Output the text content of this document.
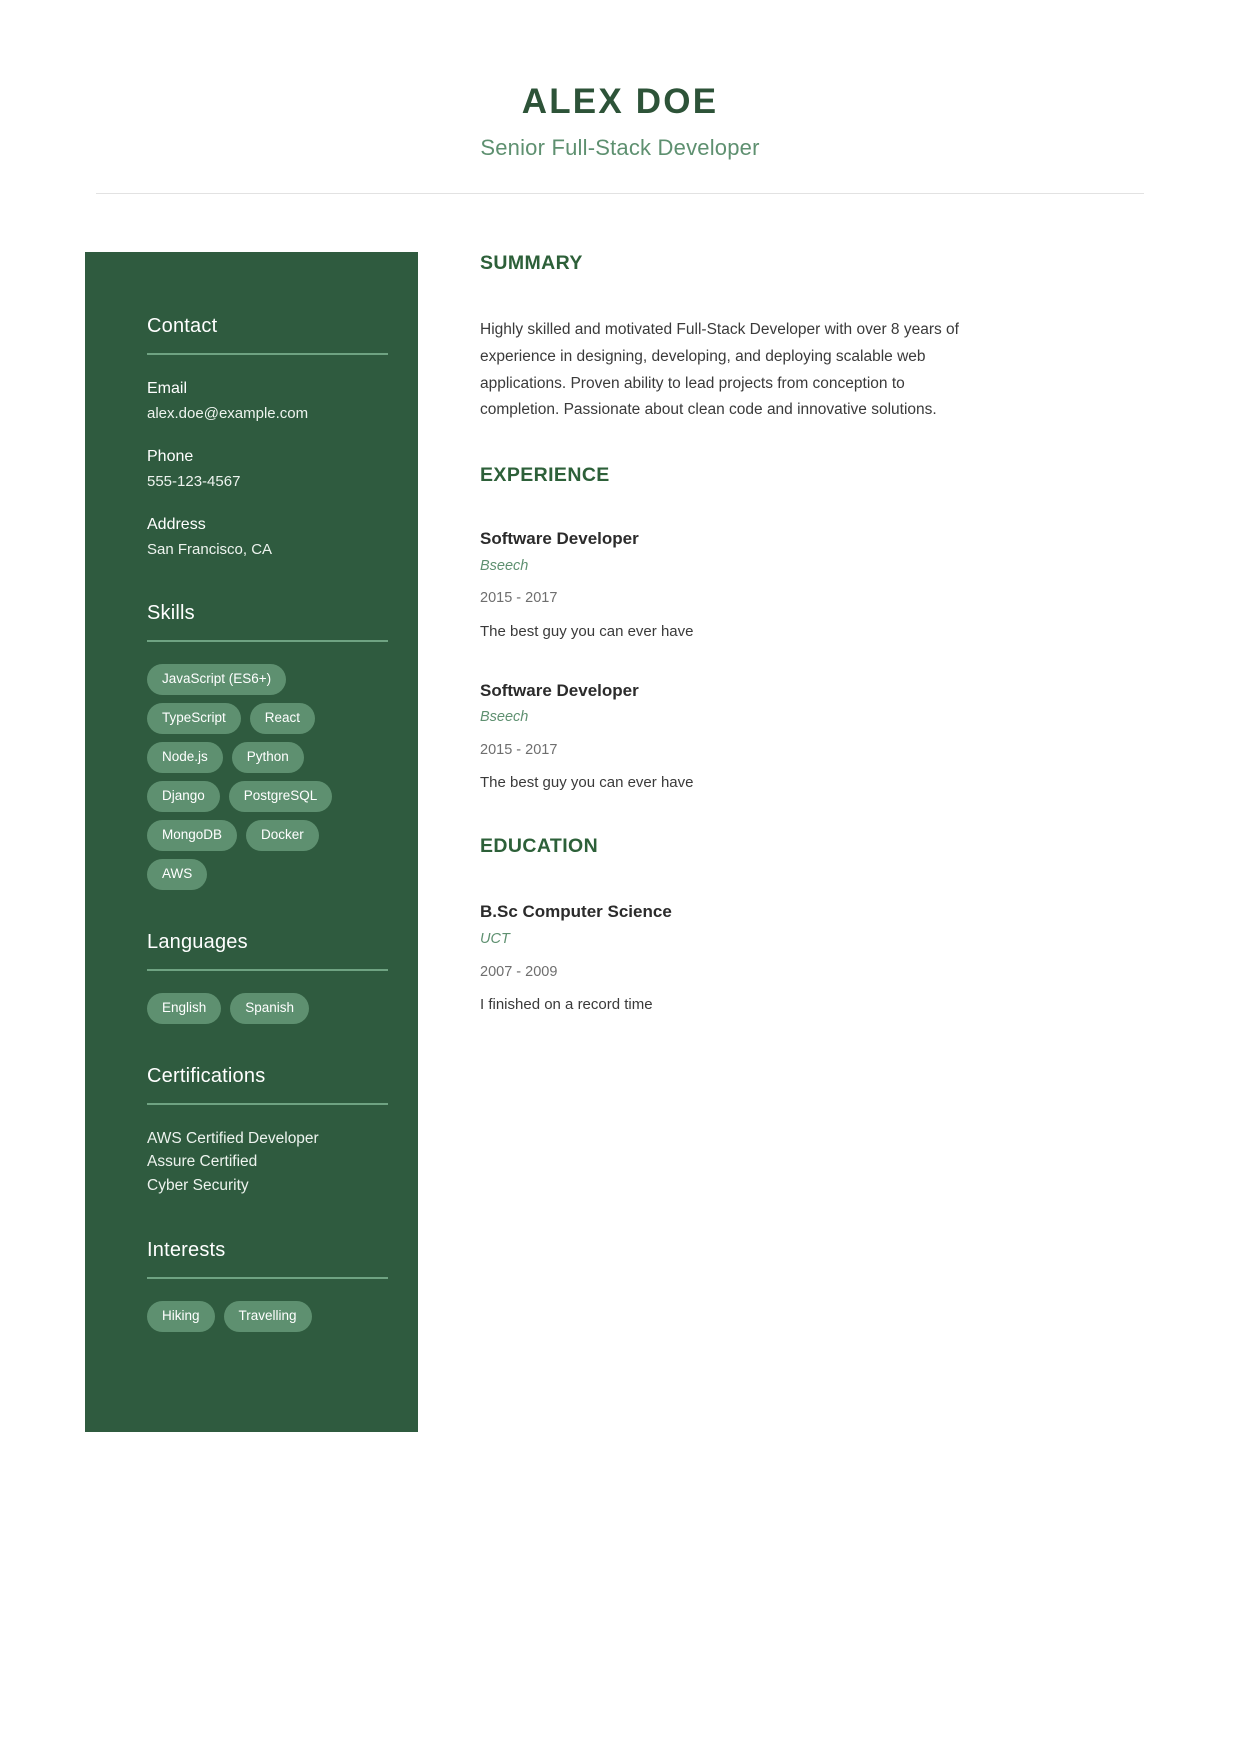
ALEX DOE
Senior Full-Stack Developer
Contact
Email
alex.doe@example.com
Phone
555-123-4567
Address
San Francisco, CA
Skills
JavaScript (ES6+)
TypeScript	React
Node.js	Python
Django	PostgreSQL
MongoDB	Docker
AWS
Languages
English	Spanish
Certifications
AWS Certified Developer
Assure Certified
Cyber Security
Interests
Hiking	Travelling
SUMMARY

Highly skilled and motivated Full-Stack Developer with over 8 years of experience in designing, developing, and deploying scalable web applications. Proven ability to lead projects from conception to completion. Passionate about clean code and innovative solutions.

EXPERIENCE
Software Developer
Bseech
2015 - 2017
The best guy you can ever have
Software Developer
Bseech
2015 - 2017
The best guy you can ever have
EDUCATION
B.Sc Computer Science
UCT
2007 - 2009
I finished on a record time
